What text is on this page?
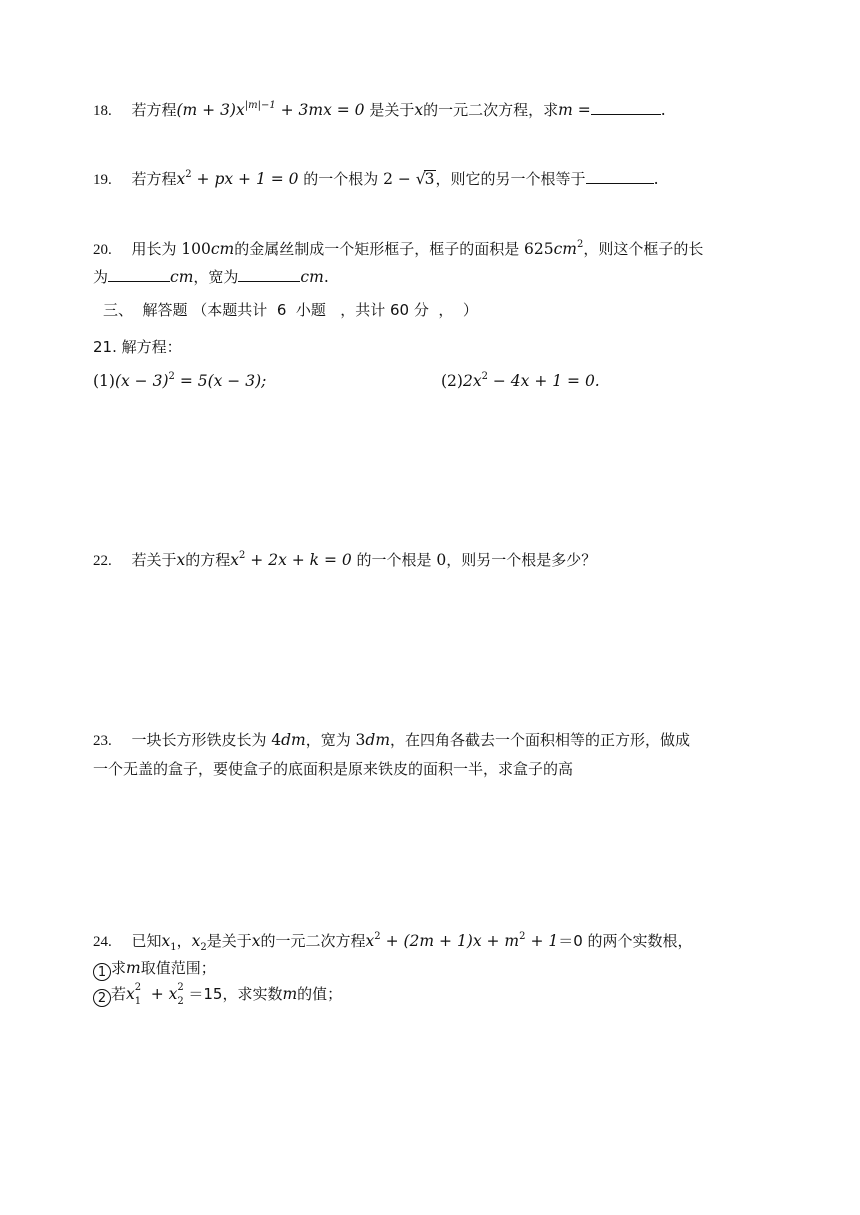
18. 若方程$(m + 3)x^{|m|-1} + 3mx = 0$ 是关于x的一元二次方程，求m =	.
19. 若方程$x^2$ + px + 1 = 0 的一个根为 2 − √3，则它的另一个根等于	.
20. 用长为 100cm的金属丝制成一个矩形框子，框子的面积是 $625cm^2$，则这个框子的长
为	cm，宽为	cm.
三、  解答题 （本题共计  6  小题   ，共计 60 分  ，  ）
21. 解方程：
$(1)(x - 3)^2 = 5(x - 3)$;	$(2)2x^2 - 4x + 1 = 0$.
22. 若关于x的方程$x^2 + 2x + k = 0$ 的一个根是 0，则另一个根是多少？
23. 一块长方形铁皮长为 4dm，宽为 3dm，在四角各截去一个面积相等的正方形，做成
一个无盖的盒子，要使盒子的底面积是原来铁皮的面积一半，求盒子的高
24. 已知$x_1$，$x_2$是关于x的一元二次方程$x^2 + (2m + 1)x + m^2 + 1=0$ 的两个实数根，
1 求m取值范围；
2 若x 2
1 + x 2
2 ＝15，求实数m的值；
